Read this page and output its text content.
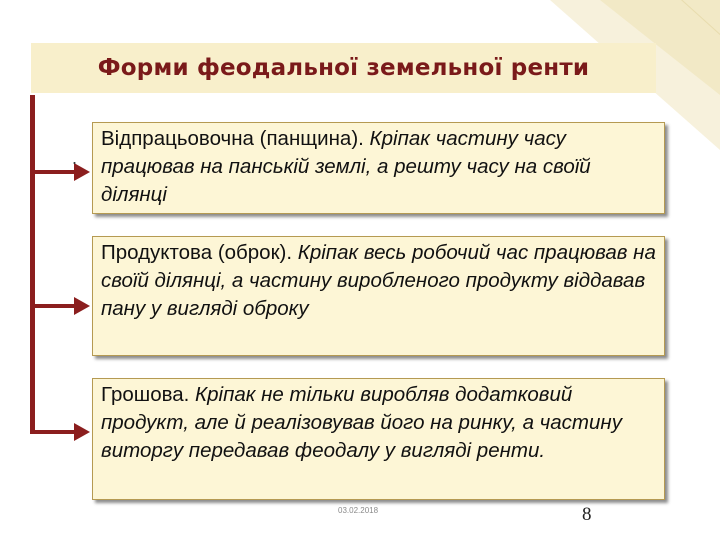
Форми феодальної земельної ренти
.
Відпрацьовочна (панщина). Кріпак частину часу працював на панській землі, а решту часу на своїй ділянці
Продуктова (оброк). Кріпак весь робочий час працював на своїй ділянці, а частину виробленого продукту віддавав пану у вигляді оброку
Грошова. Кріпак не тільки виробляв додатковий продукт, але й реалізовував його на ринку, а частину виторгу передавав феодалу у вигляді ренти.
03.02.2018	8
